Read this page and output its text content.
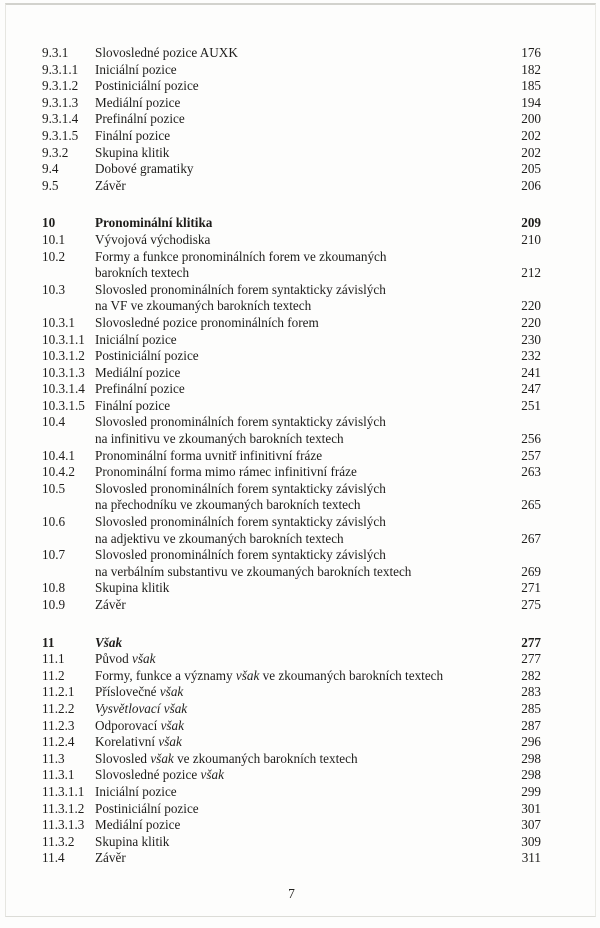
9.3.1	Slovosledné pozice AUXK	176
9.3.1.1	Iniciální pozice	182
9.3.1.2	Postiniciální pozice	185
9.3.1.3	Mediální pozice	194
9.3.1.4	Prefinální pozice	200
9.3.1.5	Finální pozice	202
9.3.2	Skupina klitik	202
9.4	Dobové gramatiky	205
9.5	Závěr	206
10	Pronominální klitika	209
10.1	Vývojová východiska	210
10.2	Formy a funkce pronominálních forem ve zkoumaných
barokních textech	212
10.3	Slovosled pronominálních forem syntakticky závislých
na VF ve zkoumaných barokních textech	220
10.3.1	Slovosledné pozice pronominálních forem	220
10.3.1.1 Iniciální pozice	230
10.3.1.2 Postiniciální pozice	232
10.3.1.3 Mediální pozice	241
10.3.1.4 Prefinální pozice	247
10.3.1.5 Finální pozice	251
10.4	Slovosled pronominálních forem syntakticky závislých
na infinitivu ve zkoumaných barokních textech	256
10.4.1	Pronominální forma uvnitř infinitivní fráze	257
10.4.2	Pronominální forma mimo rámec infinitivní fráze	263
10.5	Slovosled pronominálních forem syntakticky závislých
na přechodníku ve zkoumaných barokních textech	265
10.6	Slovosled pronominálních forem syntakticky závislých
na adjektivu ve zkoumaných barokních textech	267
10.7	Slovosled pronominálních forem syntakticky závislých
na verbálním substantivu ve zkoumaných barokních textech	269
10.8	Skupina klitik	271
10.9	Závěr	275
11	Však	277
11.1	Původ však	277
11.2	Formy, funkce a významy však ve zkoumaných barokních textech	282
11.2.1	Příslovečné však	283
11.2.2	Vysvětlovací však	285
11.2.3	Odporovací však	287
11.2.4	Korelativní však	296
11.3	Slovosled však ve zkoumaných barokních textech	298
11.3.1	Slovosledné pozice však	298
11.3.1.1 Iniciální pozice	299
11.3.1.2 Postiniciální pozice	301
11.3.1.3 Mediální pozice	307
11.3.2	Skupina klitik	309
11.4	Závěr	311
7
